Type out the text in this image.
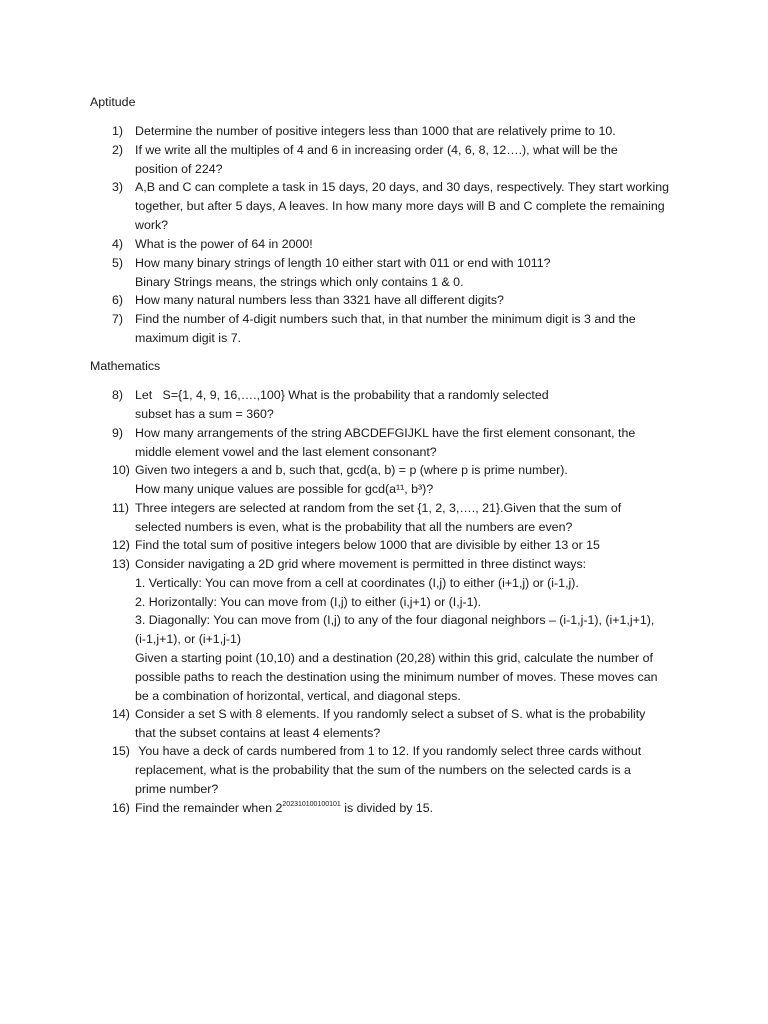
Aptitude
1) Determine the number of positive integers less than 1000 that are relatively prime to 10.
2) If we write all the multiples of 4 and 6 in increasing order (4, 6, 8, 12….), what will be the
position of 224?
3) A,B and C can complete a task in 15 days, 20 days, and 30 days, respectively. They start working
together, but after 5 days, A leaves. In how many more days will B and C complete the remaining
work?
4) What is the power of 64 in 2000!
5) How many binary strings of length 10 either start with 011 or end with 1011?
Binary Strings means, the strings which only contains 1 & 0.
6) How many natural numbers less than 3321 have all different digits?
7) Find the number of 4-digit numbers such that, in that number the minimum digit is 3 and the
maximum digit is 7.
Mathematics
8) Let   S={1, 4, 9, 16,….,100} What is the probability that a randomly selected
subset has a sum = 360?
9) How many arrangements of the string ABCDEFGIJKL have the first element consonant, the
middle element vowel and the last element consonant?
10) Given two integers a and b, such that, gcd(a, b) = p (where p is prime number).
How many unique values are possible for gcd(a¹¹, b³)?
11) Three integers are selected at random from the set {1, 2, 3,…., 21}.Given that the sum of
selected numbers is even, what is the probability that all the numbers are even?
12) Find the total sum of positive integers below 1000 that are divisible by either 13 or 15
13) Consider navigating a 2D grid where movement is permitted in three distinct ways:
1. Vertically: You can move from a cell at coordinates (I,j) to either (i+1,j) or (i-1,j).
2. Horizontally: You can move from (I,j) to either (i,j+1) or (I,j-1).
3. Diagonally: You can move from (I,j) to any of the four diagonal neighbors – (i-1,j-1), (i+1,j+1),
(i-1,j+1), or (i+1,j-1)
Given a starting point (10,10) and a destination (20,28) within this grid, calculate the number of
possible paths to reach the destination using the minimum number of moves. These moves can
be a combination of horizontal, vertical, and diagonal steps.
14) Consider a set S with 8 elements. If you randomly select a subset of S. what is the probability
that the subset contains at least 4 elements?
15) You have a deck of cards numbered from 1 to 12. If you randomly select three cards without
replacement, what is the probability that the sum of the numbers on the selected cards is a
prime number?
16) Find the remainder when $2^{202310100100101}$ is divided by 15.
